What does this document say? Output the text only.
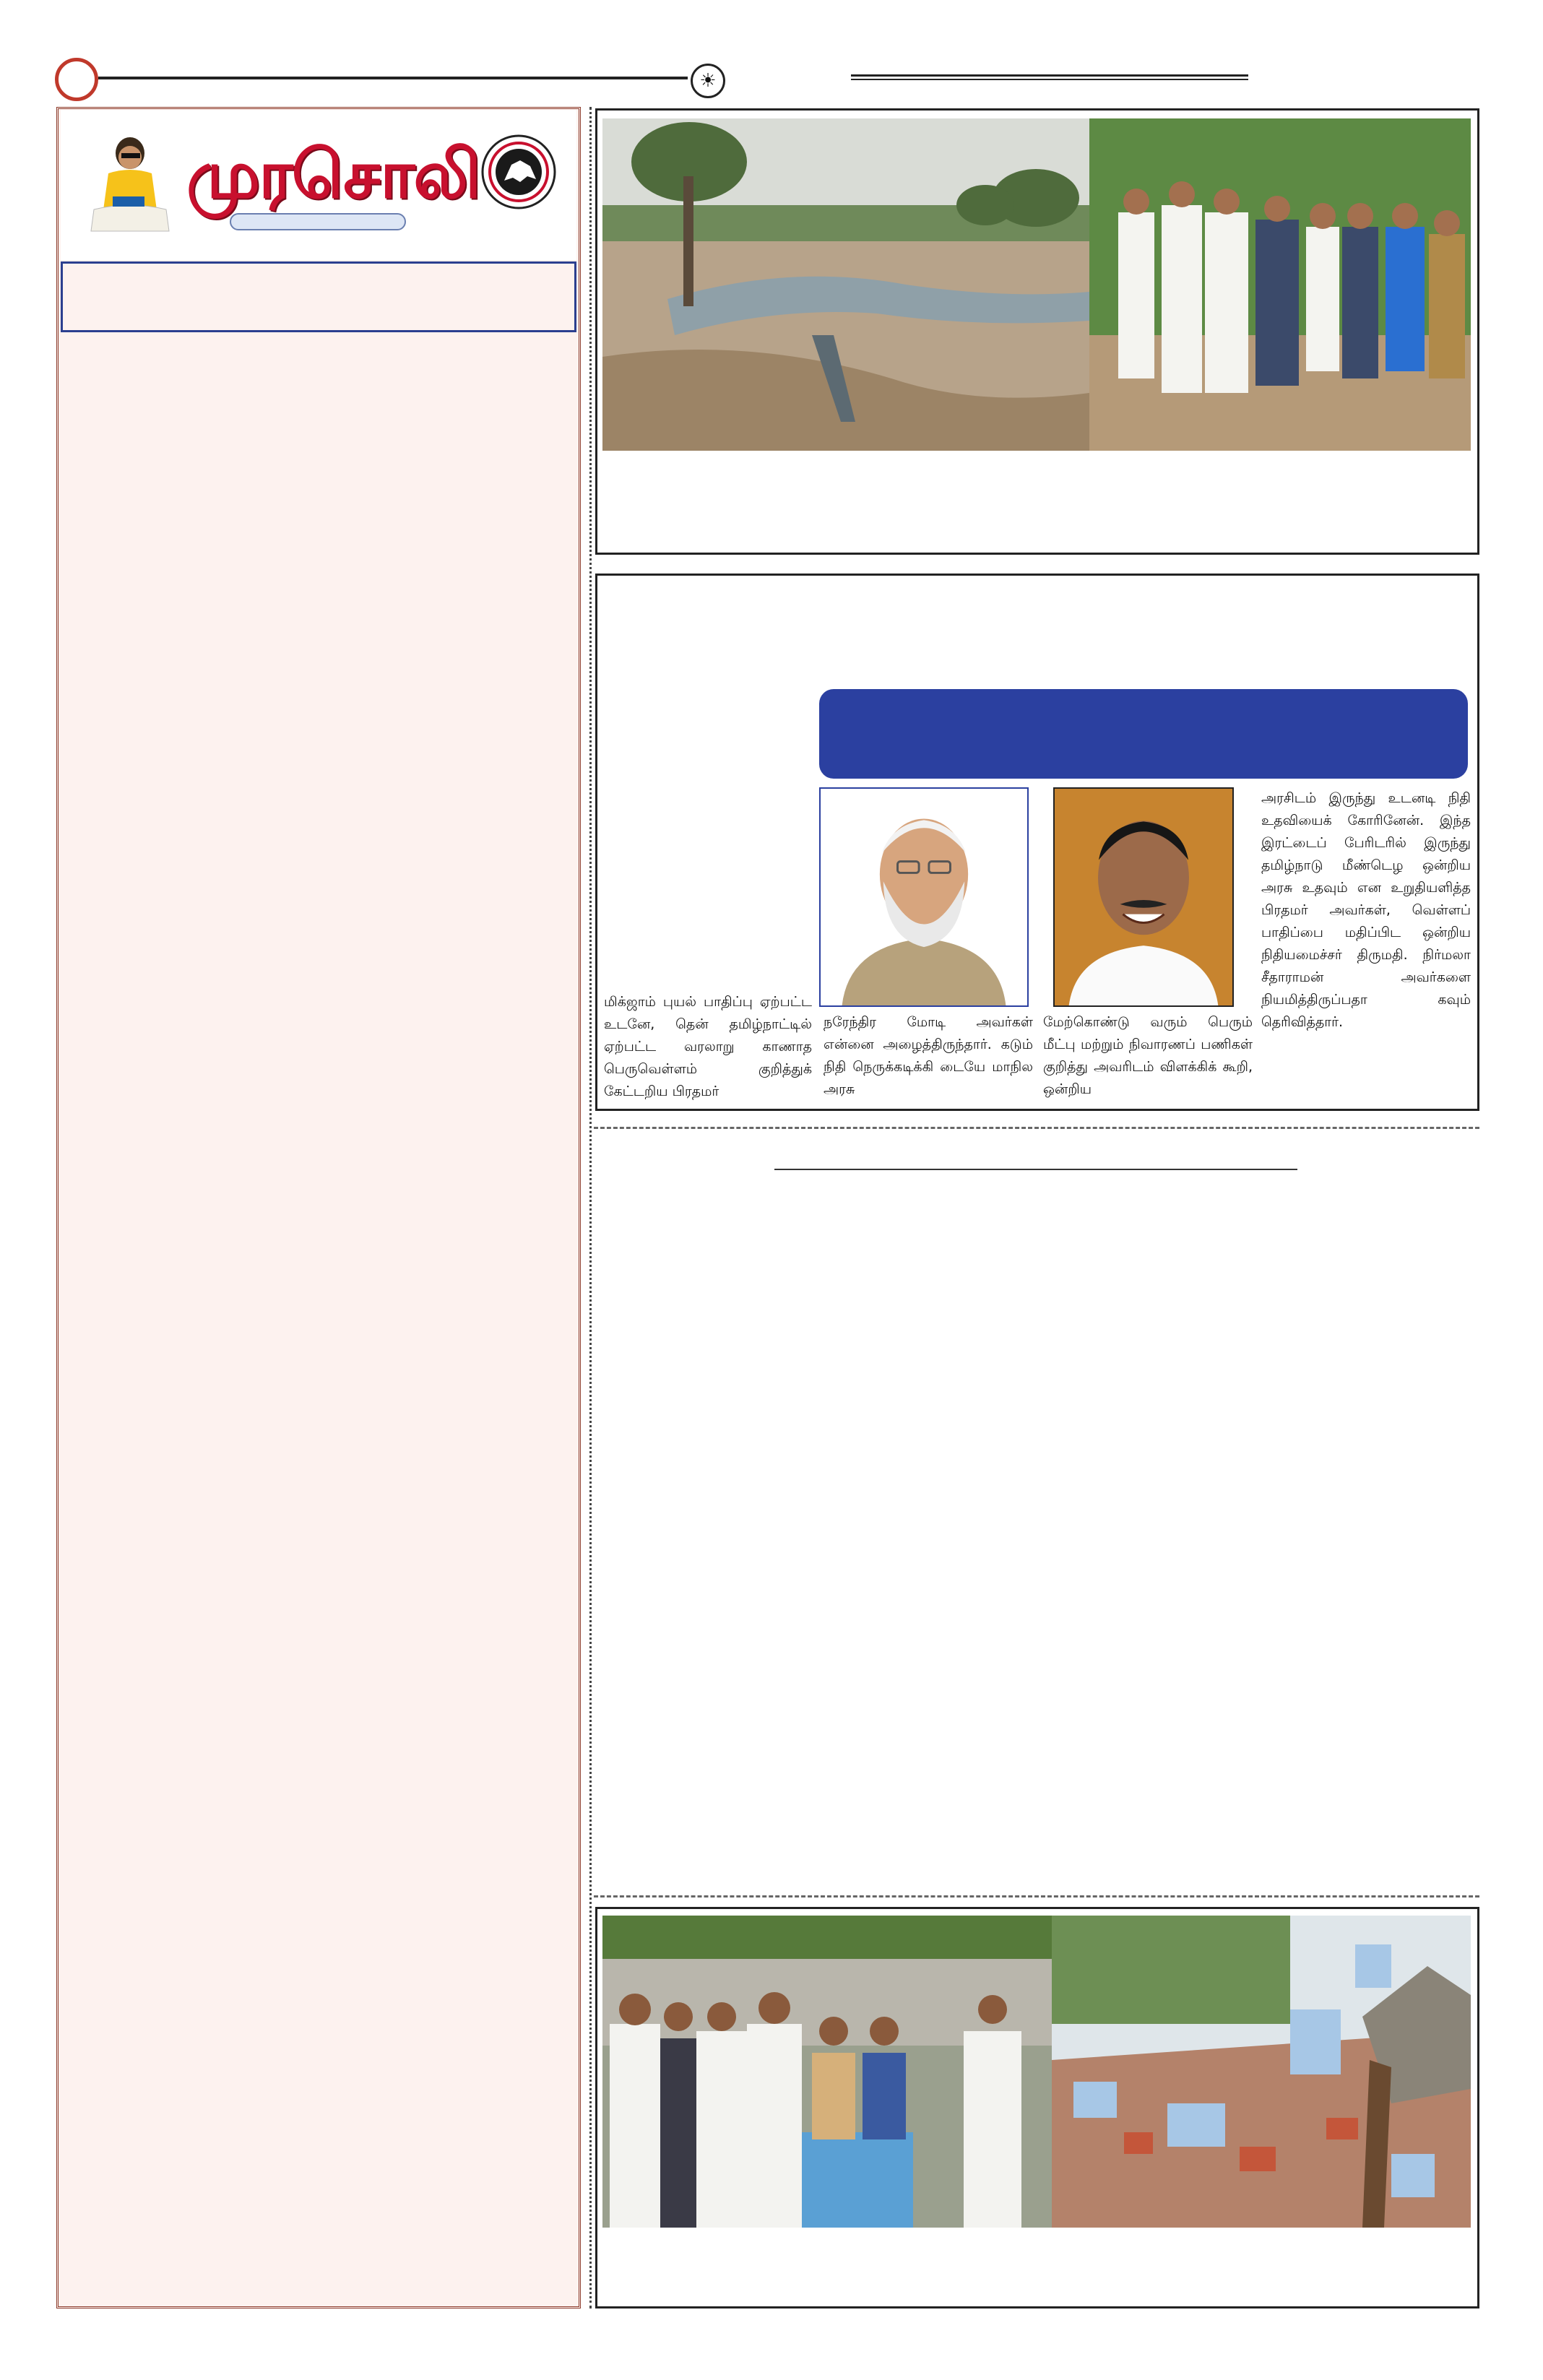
☀
முரசொலி
மிக்ஜாம் புயல் பாதிப்பு ஏற்பட்ட உடனே, தென் தமிழ்நாட்டில் ஏற்பட்ட வரலாறு காணாத பெருவெள்ளம் குறித்துக் கேட்டறிய பிரதமர்
நரேந்திர மோடி அவர்கள் என்னை அழைத்திருந்தார். கடும் நிதி நெருக்கடிக்கி டையே மாநில அரசு
மேற்கொண்டு வரும் பெரும் மீட்பு மற்றும் நிவாரணப் பணிகள் குறித்து அவரிடம் விளக்கிக் கூறி, ஒன்றிய
அரசிடம் இருந்து உடனடி நிதி உதவியைக் கோரினேன். இந்த இரட்டைப் பேரிடரில் இருந்து தமிழ்நாடு மீண்டெழ ஒன்றிய அரசு உதவும் என உறுதியளித்த பிரதமர் அவர்கள், வெள்ளப் பாதிப்பை மதிப்பிட ஒன்றிய நிதியமைச்சர் திருமதி. நிர்மலா சீதாராமன் அவர்களை நியமித்திருப்பதா கவும் தெரிவித்தார்.
